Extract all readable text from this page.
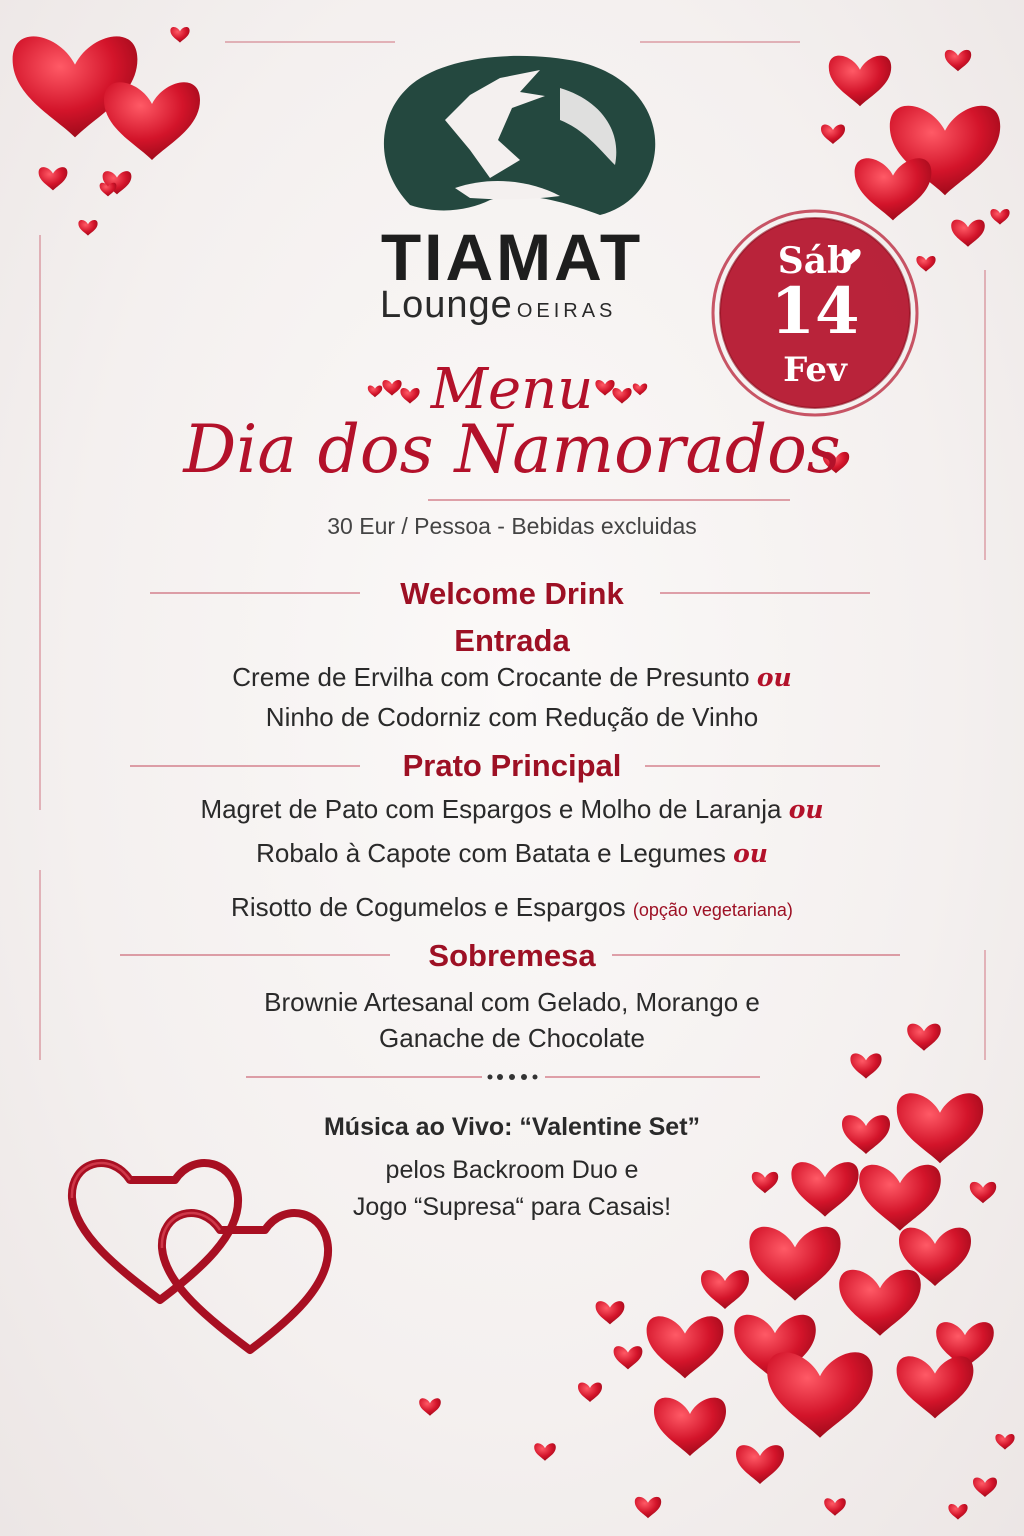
TIAMAT
Lounge OEIRAS
Sáb
14
Fev
Menu
Dia dos Namorados
30 Eur / Pessoa - Bebidas excluidas
Welcome Drink
Entrada
Creme de Ervilha com Crocante de Presunto ou
Ninho de Codorniz com Redução de Vinho
Prato Principal
Magret de Pato com Espargos e Molho de Laranja ou
Robalo à Capote com Batata e Legumes ou
Risotto de Cogumelos e Espargos (opção vegetariana)
Sobremesa
Brownie Artesanal com Gelado, Morango e
Ganache de Chocolate
Música ao Vivo: “Valentine Set”
pelos Backroom Duo e
Jogo “Supresa“ para Casais!
